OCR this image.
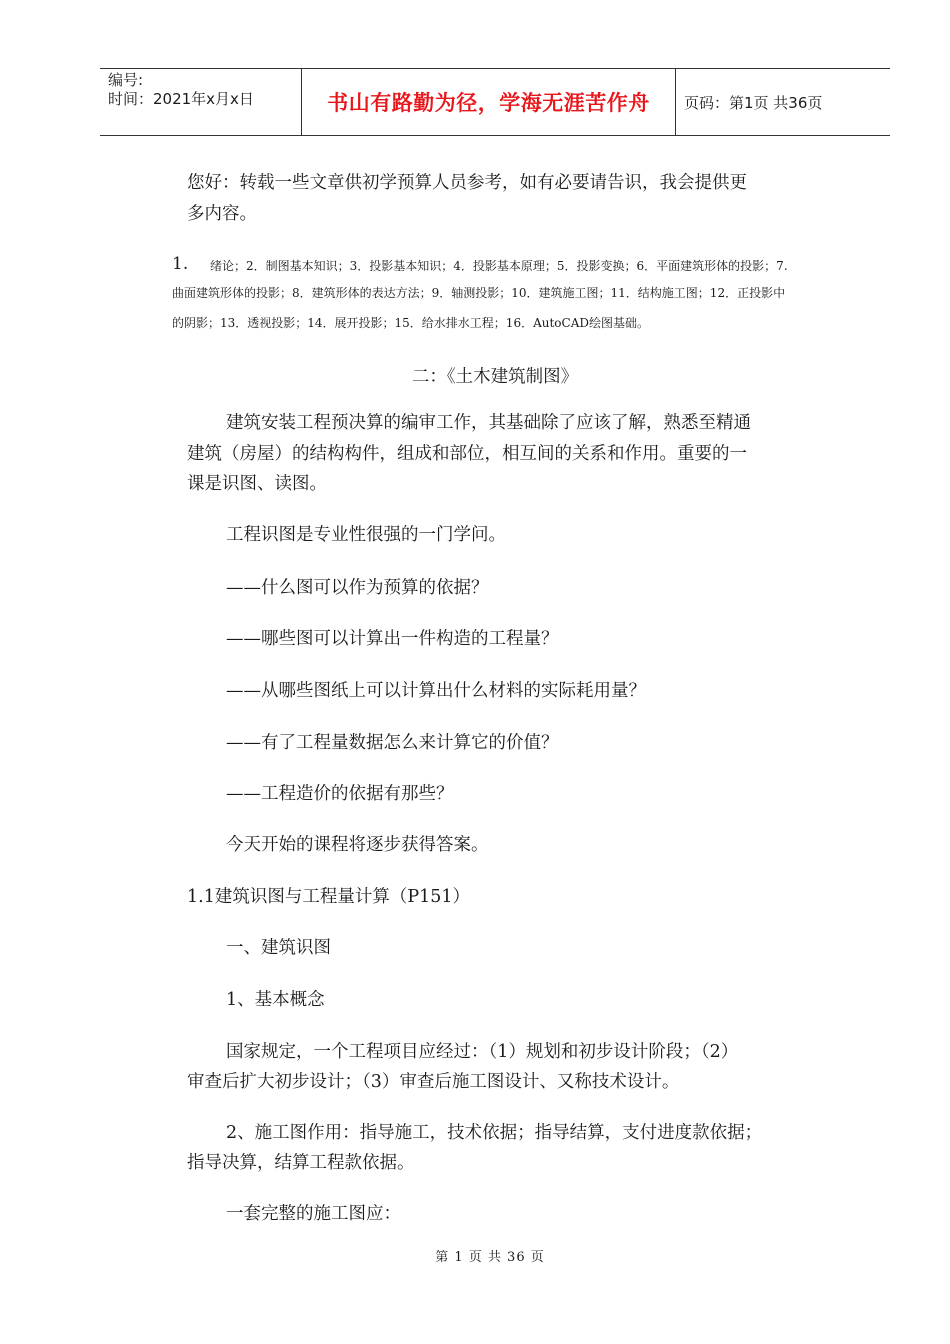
编号:
时间：2021年x月x日	书山有路勤为径，学海无涯苦作舟 页码：第1页 共36页
您好：转载一些文章供初学预算人员参考，如有必要请告识，我会提供更
多内容。
1. 绪论；2．制图基本知识；3．投影基本知识；4．投影基本原理；5．投影变换；6．平面建筑形体的投影；7.
曲面建筑形体的投影；8．建筑形体的表达方法；9．轴测投影；10．建筑施工图；11．结构施工图；12．正投影中
的阴影；13．透视投影；14．展开投影；15．给水排水工程；16．AutoCAD绘图基础。
二：《土木建筑制图》
建筑安装工程预决算的编审工作，其基础除了应该了解，熟悉至精通
建筑（房屋）的结构构件，组成和部位，相互间的关系和作用。重要的一
课是识图、读图。
工程识图是专业性很强的一门学问。
——什么图可以作为预算的依据？
——哪些图可以计算出一件构造的工程量？
——从哪些图纸上可以计算出什么材料的实际耗用量？
——有了工程量数据怎么来计算它的价值？
——工程造价的依据有那些？
今天开始的课程将逐步获得答案。
1.1建筑识图与工程量计算（P151）
一、建筑识图
1、基本概念
国家规定，一个工程项目应经过：（1）规划和初步设计阶段；（2）
审查后扩大初步设计；（3）审查后施工图设计、又称技术设计。
2、施工图作用：指导施工，技术依据；指导结算，支付进度款依据；
指导决算，结算工程款依据。
一套完整的施工图应：
第 1 页 共 36 页
